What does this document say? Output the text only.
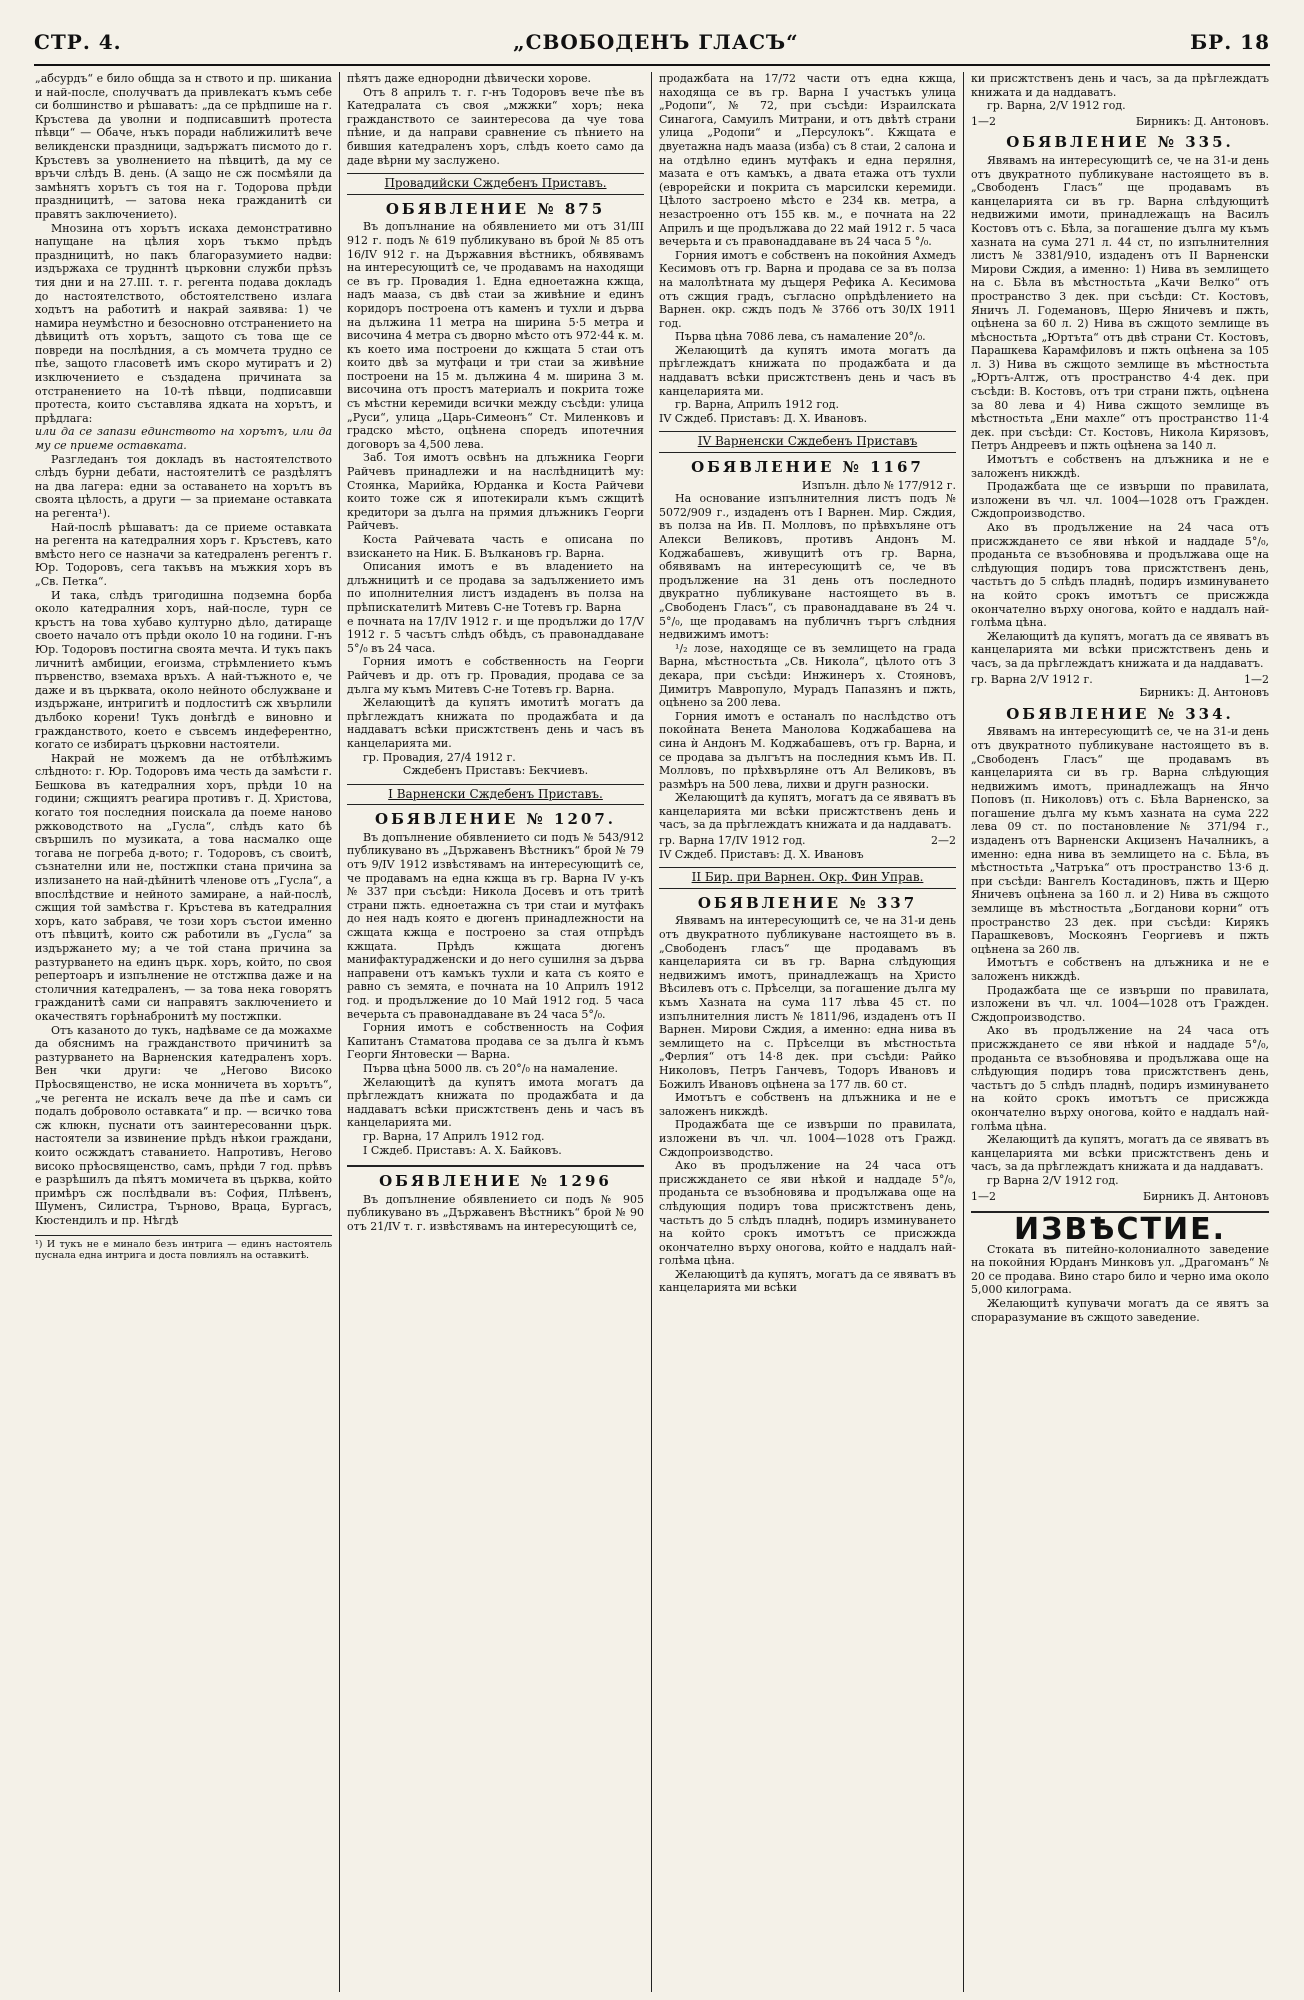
СТР. 4.	„СВОБОДЕНЪ ГЛАСЪ“	БР. 18

„абсурдъ“ е било общда за н ството и пр. шиканиа и най-после, сполучватъ да привлекатъ къмъ себе си болшинство и рѣшаватъ: „да се прѣдпише на г. Кръстева да уволни и подписавшитѣ протеста пѣвци“ — Обаче, нъкъ поради наближилитѣ вече великденски праздници, задържатъ писмото до г. Кръстевъ за уволнението на пѣвцитѣ, да му се връчи слѣдъ В. день. (А защо не сж посмѣяли да замѣнятъ хорътъ съ тоя на г. Тодорова прѣди праздницитѣ, — затова нека гражданитѣ си правятъ заключението).

Мнозина отъ хорътъ искаха демонстративно напущане на цѣлия хоръ тъкмо прѣдъ праздницитѣ, но пакъ благоразумието надви: издържаха се трудннтѣ църковни служби прѣзъ тия дни и на 27.III. т. г. регента подава докладъ до настоятелството, обстоятелствено излага ходътъ на работитѣ и накрай заявява: 1) че намира неумѣстно и безосновно отстранението на дѣвицитѣ отъ хорътъ, защото съ това ще се повреди на послѣдния, а съ момчета трудно се пѣе, защото гласоветѣ имъ скоро мутиратъ и 2) изключението е създадена причината за отстранението на 10-тѣ пѣвци, подписавши протеста, които съставлява ядката на хорътъ, и прѣдлага:

или да се запази единството на хорътъ, или да му се приеме оставката.

Разгледанъ тоя докладъ въ настоятелството слѣдъ бурни дебати, настоятелитѣ се раздѣлятъ на два лагера: едни за оставането на хорътъ въ своята цѣлость, а други — за приемане оставката на регента¹).

Най-послѣ рѣшаватъ: да се приеме оставката на регента на катедралния хоръ г. Кръстевъ, като вмѣсто него се назначи за катедраленъ регентъ г. Юр. Тодоровъ, сега такъвъ на мъжкия хоръ въ „Св. Петка“.

И така, слѣдъ тригодишна подземна борба около катедралния хоръ, най-после, турн се кръстъ на това хубаво културно дѣло, датираще своето начало отъ прѣди около 10 на години. Г-нъ Юр. Тодоровъ постигна своята мечта. И тукъ пакъ личнитѣ амбиции, егоизма, стрѣмлението къмъ първенство, вземаха връхъ. А най-тъжното е, че даже и въ църквата, около нейното обслужване и издържане, интригитѣ и подлоститѣ сж хвърлили дълбоко корени! Тукъ донѣгдѣ е виновно и гражданството, което е съвсемъ индеферентно, когато се избиратъ църковни настоятели.

Накрай не можемъ да не отбѣлѣжимъ слѣдното: г. Юр. Тодоровъ има честь да замѣсти г. Бешкова въ катедралния хоръ, прѣди 10 на години; сжщиятъ реагира противъ г. Д. Христова, когато тоя последния поискала да поеме наново ржководството на „Гусла“, слѣдъ като бѣ свършилъ по музиката, а това насмалко още тогава не погреба д-вото; г. Тодоровъ, съ своитѣ, съзнателни или не, постжпки стана причина за излизането на най-дѣйнитѣ членове отъ „Гусла“, а впослѣдствие и нейното замиране, а най-послѣ, сжщия той замѣства г. Кръстева въ катедралния хоръ, като забравя, че този хоръ състои именно отъ пѣвцитѣ, които сж работили въ „Гусла“ за издържането му; а че той стана причина за разтурването на единъ църк. хоръ, който, по своя репертоаръ и изпълнение не отстжпва даже и на столичния катедраленъ, — за това нека говорятъ гражданитѣ сами си направятъ заключението и окачествятъ горѣнабронитѣ му постжпки.

Отъ казаното до тукъ, надѣваме се да можахме да обяснимъ на гражданството причинитѣ за разтурването на Варненския катедраленъ хоръ. Вен чки други: че „Негово Високо Прѣосвященство, не иска монничета въ хорътъ“, „че регента не искалъ вече да пѣе и самъ си подалъ доброволо оставката“ и пр. — всичко това сж клюкн, пуснати отъ заинтересованни църк. настоятели за извинение прѣдъ нѣкои граждани, които осжждатъ ставанието. Напротивъ, Негово високо прѣосвященство, самъ, прѣди 7 год. прѣвъ е разрѣшилъ да пѣятъ момичета въ църква, който примѣръ сж послѣдвали въ: София, Плѣвенъ, Шуменъ, Силистра, Търново, Враца, Бургасъ, Кюстендилъ и пр. Нѣгдѣ

¹) И тукъ не е минало безъ интрига — единъ настоятель пуснала една интрига и доста повлиялъ на оставкитѣ.

пѣятъ даже еднородни дѣвически хорове.

Отъ 8 априлъ т. г. г-нъ Тодоровъ вече пѣе въ Катедралата съ своя „мжжки“ хоръ; нека гражданството се заинтересова да чуе това пѣние, и да направи сравнение съ пѣнието на бившия катедраленъ хоръ, слѣдъ което само да даде вѣрни му заслужено.

Провадийски Сждебенъ Приставъ.
ОБЯВЛЕНИЕ № 875

Въ допълнание на обявлението ми отъ 31/III 912 г. подъ № 619 публикувано въ брой № 85 отъ 16/IV 912 г. на Държавния вѣстникъ, обявявамъ на интересующитѣ се, че продавамъ на находящи се въ гр. Провадия 1. Една едноетажна кжща, надъ мааза, съ двѣ стаи за живѣние и единъ коридоръ построена отъ каменъ и тухли и дърва на дължина 11 метра на ширина 5·5 метра и височина 4 метра съ дворно мѣсто отъ 972·44 к. м. къ което има построени до кжщата 5 стаи отъ които двѣ за мутфаци и три стаи за живѣние построени на 15 м. дължина 4 м. ширина 3 м. височина отъ простъ материалъ и покрита тоже съ мѣстни керемиди всички между съсѣди: улица „Руси“, улица „Царь-Симеонъ“ Ст. Миленковъ и градско мѣсто, оцѣнена споредъ ипотечния договоръ за 4,500 лева.

Заб. Тоя имотъ освѣнъ на длъжника Георги Райчевъ принадлежи и на наслѣдницитѣ му: Стоянка, Марийка, Юрданка и Коста Райчеви които тоже сж я ипотекирали къмъ сжщитѣ кредитори за дълга на прямия длъжникъ Георги Райчевъ.

Коста Райчевата часть е описана по взискането на Ник. Б. Вълкановъ гр. Варна.

Описания имотъ е въ владението на длъжницитѣ и се продава за задължението имъ по иполнителния листъ издаденъ въ полза на прѣпискателитѣ Митевъ С-не Тотевъ гр. Варна

е почната на 17/IV 1912 г. и ще продължи до 17/V 1912 г. 5 часътъ слѣдъ обѣдъ, съ правонаддаване 5°/₀ въ 24 часа.

Горния имотъ е собственность на Георги Райчевъ и др. отъ гр. Провадия, продава се за дълга му къмъ Митевъ С-не Тотевъ гр. Варна.

Желающитѣ да купятъ имотитѣ могатъ да прѣглеждатъ книжата по продажбата и да наддаватъ всѣки присжтственъ день и часъ въ канцеларията ми.

гр. Провадия, 27/4 1912 г.

Сждебенъ Приставъ: Бекчиевъ.

I Варненски Сждебенъ Приставъ.
ОБЯВЛЕНИЕ № 1207.

Въ допълнение обявлението си подъ № 543/912 публикувано въ „Държавенъ Вѣстникъ“ брой № 79 отъ 9/IV 1912 извѣстявамъ на интересующитѣ се, че продавамъ на една кжща въ гр. Варна IV у-къ № 337 при съсѣди: Никола Досевъ и отъ тритѣ страни пжть. едноетажна съ три стаи и мутфакъ до нея надъ която е дюгенъ принадлежности на сжщата кжща е построено за стая отпрѣдъ кжщата. Прѣдъ кжщата дюгенъ манифактурадженски и до него сушилня за дърва направени отъ камъкъ тухли и ката съ която е равно съ земята, е почната на 10 Априлъ 1912 год. и продължение до 10 Май 1912 год. 5 часа вечерьта съ правонаддаване въ 24 часа 5°/₀.

Горния имотъ е собственность на София Капитанъ Стаматова продава се за дълга ѝ къмъ Георги Янтовески — Варна.

Първа цѣна 5000 лв. съ 20°/₀ на намаление.

Желающитѣ да купятъ имота могатъ да прѣглеждатъ книжата по продажбата и да наддаватъ всѣки присжтственъ день и часъ въ канцеларията ми.

гр. Варна, 17 Априлъ 1912 год.

I Сждеб. Приставъ: А. Х. Байковъ.

ОБЯВЛЕНИЕ № 1296

Въ допълнение обявлението си подъ № 905 публикувано въ „Държавенъ Вѣстникъ“ брой № 90 отъ 21/IV т. г. извѣстявамъ на интересующитѣ се,

продажбата на 17/72 части отъ една кжща, находяща се въ гр. Варна I участъкъ улица „Родопи“, № 72, при съсѣди: Израилската Синагога, Самуилъ Митрани, и отъ двѣтѣ страни улица „Родопи“ и „Персулокъ“. Кжщата е двуетажна надъ мааза (изба) съ 8 стаи, 2 салона и на отдѣлно единъ мутфакъ и една перялня, мазата е отъ камъкъ, а двата етажа отъ тухли (еврорейски и покрита съ марсилски керемиди. Цѣлото застроено мѣсто е 234 кв. метра, а незастроенно отъ 155 кв. м., е почната на 22 Априлъ и ще продължава до 22 май 1912 г. 5 часа вечерьта и съ правонаддаване въ 24 часа 5 °/₀.

Горния имотъ е собственъ на покойния Ахмедъ Кесимовъ отъ гр. Варна и продава се за въ полза на малолѣтната му дъщеря Рефика А. Кесимова отъ сжщия градъ, съгласно опрѣдѣлението на Варнен. окр. сждъ подъ № 3766 отъ 30/IX 1911 год.

Първа цѣна 7086 лева, съ намаление 20°/₀.

Желающитѣ да купятъ имота могатъ да прѣглеждатъ книжата по продажбата и да наддаватъ всѣки присжтственъ день и часъ въ канцеларията ми.

гр. Варна, Априлъ 1912 год.

IV Сждеб. Приставъ: Д. Х. Ивановъ.

IV Варненски Сждебенъ Приставъ
ОБЯВЛЕНИЕ № 1167

Изпълн. дѣло № 177/912 г.

На основание изпълнителния листъ подъ № 5072/909 г., издаденъ отъ I Варнен. Мир. Сждия, въ полза на Ив. П. Молловъ, по прѣвхъляне отъ Алекси Великовъ, противъ Андонъ М. Коджабашевъ, живущитѣ отъ гр. Варна, обявявамъ на интересующитѣ се, че въ продължение на 31 день отъ последното двукратно публикуване настоящето въ в. „Свободенъ Гласъ“, съ правонаддаване въ 24 ч. 5°/₀, ще продавамъ на публичнъ търгъ слѣдния недвижимъ имотъ:

¹/₂ лозе, находяще се въ землището на града Варна, мѣстностьта „Св. Никола“, цѣлото отъ 3 декара, при съсѣди: Инжинеръ х. Стояновъ, Димитръ Мавропуло, Мурадъ Папазянъ и пжть, оцѣнено за 200 лева.

Горния имотъ е останалъ по наслѣдство отъ покойната Венета Манолова Коджабашева на сина ѝ Андонъ М. Коджабашевъ, отъ гр. Варна, и се продава за дългътъ на последния къмъ Ив. П. Молловъ, по прѣхвърляне отъ Ал Великовъ, въ размѣръ на 500 лева, лихви и другн разноски.

Желающитѣ да купятъ, могатъ да се явяватъ въ канцеларията ми всѣки присжтственъ день и часъ, за да прѣглеждатъ книжата и да наддаватъ.

гр. Варна 17/IV 1912 год.	2—2

IV Сждеб. Приставъ: Д. Х. Ивановъ

II Бир. при Варнен. Окр. Фин Управ.
ОБЯВЛЕНИЕ № 337

Явявамъ на интересующитѣ се, че на 31-и день отъ двукратното публикуване настоящето въ в. „Свободенъ гласъ“ ще продавамъ въ канцеларията си въ гр. Варна слѣдующия недвижимъ имотъ, принадлежащъ на Христо Вѣсилевъ отъ с. Прѣселци, за погашение дълга му къмъ Хазната на сума 117 лѣва 45 ст. по изпълнителния листъ № 1811/96, издаденъ отъ II Варнен. Мирови Сждия, а именно: една нива въ землището на с. Прѣселци въ мѣстностьта „Ферлия“ отъ 14·8 дек. при съсѣди: Райко Николовъ, Петръ Ганчевъ, Тодоръ Ивановъ и Божилъ Ивановъ оцѣнена за 177 лв. 60 ст.

Имотътъ е собственъ на длъжника и не е заложенъ никждѣ.

Продажбата ще се извърши по правилата, изложени въ чл. чл. 1004—1028 отъ Гражд. Сждопроизводство.

Ако въ продължение на 24 часа отъ присжждането се яви нѣкой и наддаде 5°/₀, проданьта се възобновява и продължава още на слѣдующия подиръ това присжтственъ день, частьтъ до 5 слѣдъ пладнѣ, подиръ изминуването на който срокъ имотътъ се присжжда окончателно върху оногова, който е наддалъ най-голѣма цѣна.

Желающитѣ да купятъ, могатъ да се явяватъ въ канцеларията ми всѣки

ки присжтственъ день и часъ, за да прѣглеждатъ книжата и да наддаватъ.

гр. Варна, 2/V 1912 год.

1—2	Бирникъ: Д. Антоновъ.
ОБЯВЛЕНИЕ № 335.

Явявамъ на интересующитѣ се, че на 31-и день отъ двукратното публикуване настоящето въ в. „Свободенъ Гласъ“ ще продавамъ въ канцеларията си въ гр. Варна слѣдующитѣ недвижими имоти, принадлежащъ на Василъ Костовъ отъ с. Бѣла, за погашение дълга му къмъ хазната на сума 271 л. 44 ст, по изпълнителния листъ № 3381/910, издаденъ отъ II Варненски Мирови Сждия, а именно: 1) Нива въ землището на с. Бѣла въ мѣстностьта „Качи Велко“ отъ пространство 3 дек. при съсѣди: Ст. Костовъ, Яничъ Л. Годемановъ, Щерю Яничевъ и пжть, оцѣнена за 60 л. 2) Нива въ сжщото землище въ мѣсностьта „Юртъта“ отъ двѣ страни Ст. Костовъ, Парашкева Карамфиловъ и пжть оцѣнена за 105 л. 3) Нива въ сжщото землище въ мѣстностьта „Юртъ-Алтж, отъ пространство 4·4 дек. при съсѣди: В. Костовъ, отъ три страни пжть, оцѣнена за 80 лева и 4) Нива сжщото землище въ мѣстностьта „Ени махле“ отъ пространство 11·4 дек. при съсѣди: Ст. Костовъ, Никола Кирязовъ, Петръ Андреевъ и пжть оцѣнена за 140 л.

Имотътъ е собственъ на длъжника и не е заложенъ никждѣ.

Продажбата ще се извърши по правилата, изложени въ чл. чл. 1004—1028 отъ Гражден. Сждопроизводство.

Ако въ продължение на 24 часа отъ присжждането се яви нѣкой и наддаде 5°/₀, проданьта се възобновява и продължава още на слѣдующия подиръ това присжтственъ день, частьтъ до 5 слѣдъ пладнѣ, подиръ изминуването на който срокъ имотътъ се присжжда окончателно върху оногова, който е наддалъ най-голѣма цѣна.

Желающитѣ да купятъ, могатъ да се явяватъ въ канцеларията ми всѣки присжтственъ день и часъ, за да прѣглеждатъ книжата и да наддаватъ.

гр. Варна 2/V 1912 г.	1—2

Бирникъ: Д. Антоновъ

ОБЯВЛЕНИЕ № 334.

Явявамъ на интересующитѣ се, че на 31-и день отъ двукратното публикуване настоящето въ в. „Свободенъ Гласъ“ ще продавамъ въ канцеларията си въ гр. Варна слѣдующия недвижимъ имотъ, принадлежащъ на Янчо Поповъ (п. Николовъ) отъ с. Бѣла Варненско, за погашение дълга му къмъ хазната на сума 222 лева 09 ст. по постановление № 371/94 г., издаденъ отъ Варненски Акцизенъ Началникъ, а именно: една нива въ землището на с. Бѣла, въ мѣстностьта „Чатръка“ отъ пространство 13·6 д. при съсѣди: Вангелъ Костадиновъ, пжть и Щерю Яничевъ оцѣнена за 160 л. и 2) Нива въ сжщото землище въ мѣстностьта „Богданови корни“ отъ пространство 23 дек. при съсѣди: Кирякъ Парашкевовъ, Москоянъ Георгиевъ и пжть оцѣнена за 260 лв.

Имотътъ е собственъ на длъжника и не е заложенъ никждѣ.

Продажбата ще се извърши по правилата, изложени въ чл. чл. 1004—1028 отъ Гражден. Сждопроизводство.

Ако въ продължение на 24 часа отъ присжждането се яви нѣкой и наддаде 5°/₀, проданьта се възобновява и продължава още на слѣдующия подиръ това присжтственъ день, частьтъ до 5 слѣдъ пладнѣ, подиръ изминуването на който срокъ имотътъ се присжжда окончателно върху оногова, който е наддалъ най-голѣма цѣна.

Желающитѣ да купятъ, могатъ да се явяватъ въ канцеларията ми всѣки присжтственъ день и часъ, за да прѣглеждатъ книжата и да наддаватъ.

гр Варна 2/V 1912 год.

1—2	Бирникъ Д. Антоновъ
ИЗВѢСТИЕ.

Стоката въ питейно-колониалното заведение на покойния Юрданъ Минковъ ул. „Драгоманъ“ № 20 се продава. Вино старо било и черно има около 5,000 килограма.

Желающитѣ купувачи могатъ да се явятъ за спораразумание въ сжщото заведение.
